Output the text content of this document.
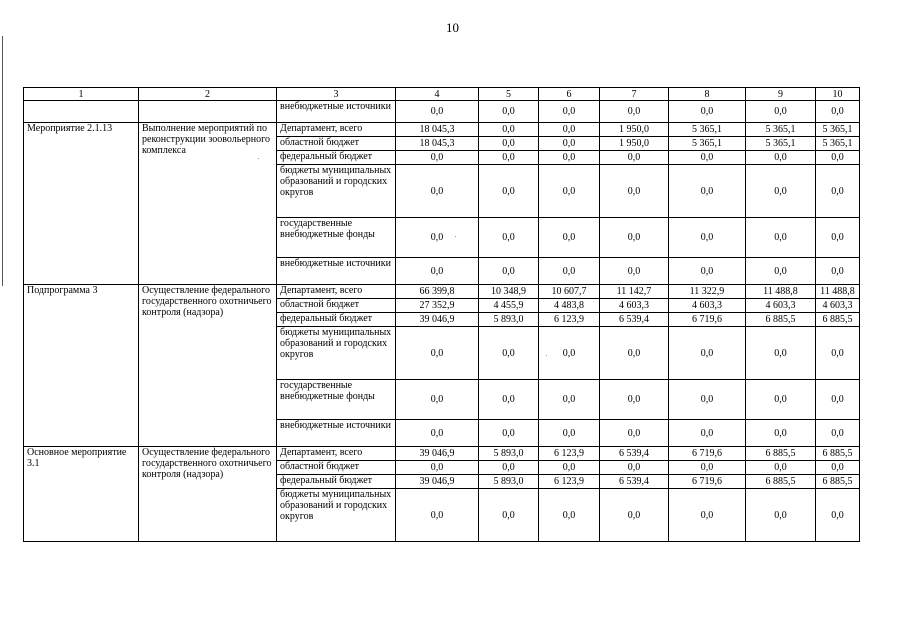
10
1	2	3	4	5	6	7	8	9	10
		внебюджетные источники	0,0	0,0	0,0	0,0	0,0	0,0	0,0
Мероприятие 2.1.13	Выполнение мероприятий по реконструкции зоовольерного комплекса	Департамент, всего	18 045,3	0,0	0,0	1 950,0	5 365,1	5 365,1	5 365,1
		областной бюджет	18 045,3	0,0	0,0	1 950,0	5 365,1	5 365,1	5 365,1
		федеральный бюджет	0,0	0,0	0,0	0,0	0,0	0,0	0,0
		бюджеты муниципальных образований и городских округов	0,0	0,0	0,0	0,0	0,0	0,0	0,0
		государственные внебюджетные фонды	0,0	0,0	0,0	0,0	0,0	0,0	0,0
		внебюджетные источники	0,0	0,0	0,0	0,0	0,0	0,0	0,0
Подпрограмма 3	Осуществление федерального государственного охотничьего контроля (надзора)	Департамент, всего	66 399,8	10 348,9	10 607,7	11 142,7	11 322,9	11 488,8	11 488,8
		областной бюджет	27 352,9	4 455,9	4 483,8	4 603,3	4 603,3	4 603,3	4 603,3
		федеральный бюджет	39 046,9	5 893,0	6 123,9	6 539,4	6 719,6	6 885,5	6 885,5
		бюджеты муниципальных образований и городских округов	0,0	0,0	0,0	0,0	0,0	0,0	0,0
		государственные внебюджетные фонды	0,0	0,0	0,0	0,0	0,0	0,0	0,0
		внебюджетные источники	0,0	0,0	0,0	0,0	0,0	0,0	0,0
Основное мероприятие 3.1	Осуществление федерального государственного охотничьего контроля (надзора)	Департамент, всего	39 046,9	5 893,0	6 123,9	6 539,4	6 719,6	6 885,5	6 885,5
		областной бюджет	0,0	0,0	0,0	0,0	0,0	0,0	0,0
		федеральный бюджет	39 046,9	5 893,0	6 123,9	6 539,4	6 719,6	6 885,5	6 885,5
		бюджеты муниципальных образований и городских округов	0,0	0,0	0,0	0,0	0,0	0,0	0,0
